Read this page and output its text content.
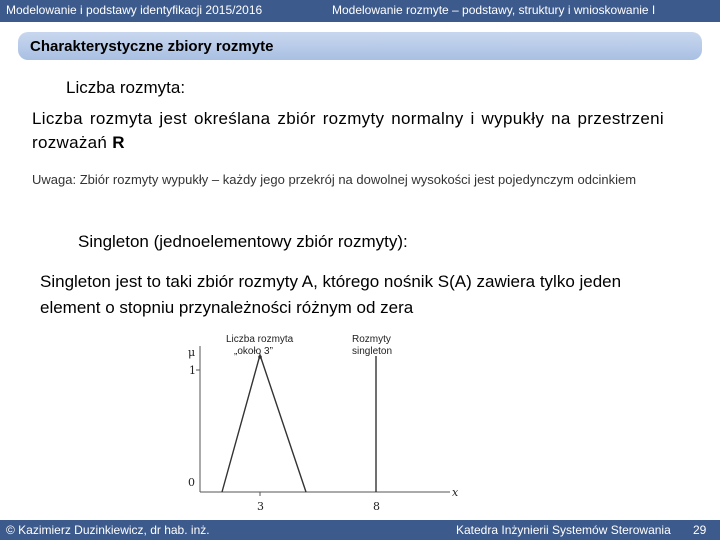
Modelowanie i podstawy identyfikacji 2015/2016	Modelowanie rozmyte – podstawy, struktury i wnioskowanie I
Charakterystyczne zbiory rozmyte
Liczba rozmyta:
Liczba rozmyta jest określana zbiór rozmyty normalny i wypukły na przestrzeni rozważań R
Uwaga: Zbiór rozmyty wypukły – każdy jego przekrój na dowolnej wysokości jest pojedynczym odcinkiem
Singleton (jednoelementowy zbiór rozmyty):
Singleton jest to taki zbiór rozmyty A, którego nośnik S(A) zawiera tylko jeden element o stopniu przynależności różnym od zera
μ
1
0
3	8
x
Liczba rozmyta
„około 3”
Rozmyty
singleton
© Kazimierz Duzinkiewicz, dr hab. inż.	Katedra Inżynierii Systemów Sterowania 29
